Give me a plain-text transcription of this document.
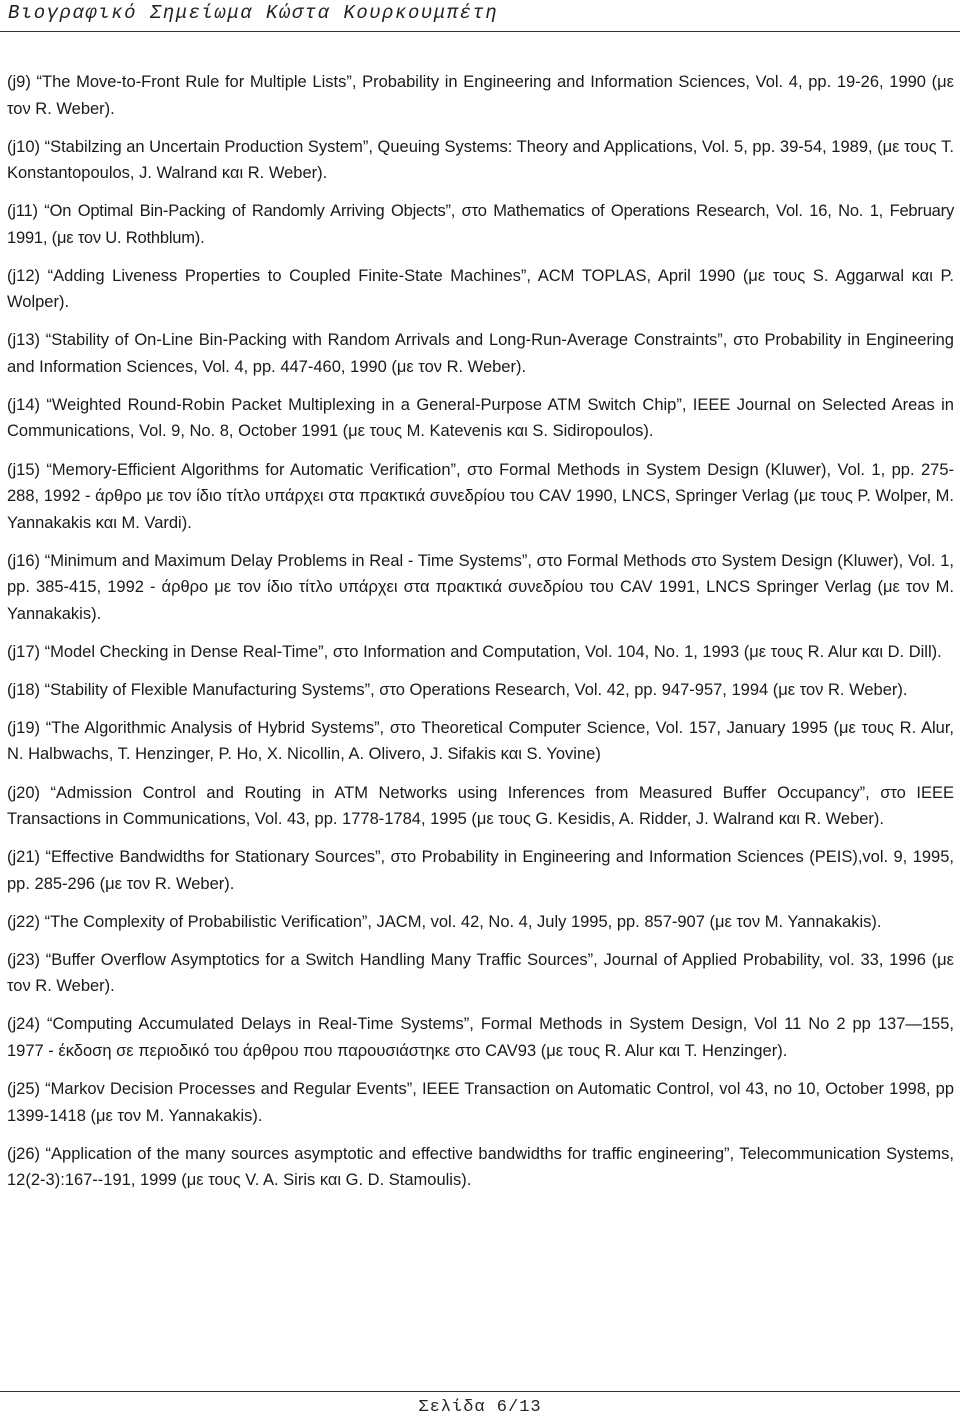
Βιογραφικό Σημείωμα Κώστα Κουρκουμπέτη

(j9) “The Move-to-Front Rule for Multiple Lists”, Probability in Engineering and Information Sciences, Vol. 4, pp. 19-26, 1990 (με τον R. Weber).

(j10) “Stabilzing an Uncertain Production System”, Queuing Systems: Theory and Applications, Vol. 5, pp. 39-54, 1989, (με τους T. Konstantopoulos, J. Walrand και R. Weber).

(j11) “On Optimal Bin-Packing of Randomly Arriving Objects”, στο Mathematics of Operations Research, Vol. 16, No. 1, February 1991, (με τον U. Rothblum).

(j12) “Adding Liveness Properties to Coupled Finite-State Machines”, ACM TOPLAS, April 1990 (με τους S. Aggarwal και P. Wolper).

(j13) “Stability of On-Line Bin-Packing with Random Arrivals and Long-Run-Average Constraints”, στο Probability in Engineering and Information Sciences, Vol. 4, pp. 447-460, 1990 (με τον R. Weber).

(j14) “Weighted Round-Robin Packet Multiplexing in a General-Purpose ATM Switch Chip”, IEEE Journal on Selected Areas in Communications, Vol. 9, No. 8, October 1991 (με τους M. Katevenis και S. Sidiropoulos).

(j15) “Memory-Efficient Algorithms for Automatic Verification”, στο Formal Methods in System Design (Kluwer), Vol. 1, pp. 275-288, 1992 - άρθρο με τον ίδιο τίτλο υπάρχει στα πρακτικά συνεδρίου του CAV 1990, LNCS, Springer Verlag (με τους P. Wolper, M. Yannakakis και M. Vardi).

(j16) “Minimum and Maximum Delay Problems in Real - Time Systems”, στο Formal Methods στο System Design (Kluwer), Vol. 1, pp. 385-415, 1992 - άρθρο με τον ίδιο τίτλο υπάρχει στα πρακτικά συνεδρίου του CAV 1991, LNCS Springer Verlag (με τον M. Yannakakis).

(j17) “Model Checking in Dense Real-Time”, στο Information and Computation, Vol. 104, No. 1, 1993 (με τους R. Alur και D. Dill).

(j18) “Stability of Flexible Manufacturing Systems”, στο Operations Research, Vol. 42, pp. 947-957, 1994 (με τον R. Weber).

(j19) “The Algorithmic Analysis of Hybrid Systems”, στο Theoretical Computer Science, Vol. 157, January 1995 (με τους R. Alur, N. Halbwachs, T. Henzinger, P. Ho, X. Nicollin, A. Olivero, J. Sifakis και S. Yovine)

(j20) “Admission Control and Routing in ATM Networks using Inferences from Measured Buffer Occupancy”, στο IEEE Transactions in Communications, Vol. 43, pp. 1778-1784, 1995 (με τους G. Kesidis, A. Ridder, J. Walrand και R. Weber).

(j21) “Effective Bandwidths for Stationary Sources”, στο Probability in Engineering and Information Sciences (PEIS),vol. 9, 1995, pp. 285-296 (με τον R. Weber).

(j22) “The Complexity of Probabilistic Verification”, JACM, vol. 42, No. 4, July 1995, pp. 857-907 (με τον M. Yannakakis).

(j23) “Buffer Overflow Asymptotics for a Switch Handling Many Traffic Sources”, Journal of Applied Probability, vol. 33, 1996 (με τον R. Weber).

(j24) “Computing Accumulated Delays in Real-Time Systems”, Formal Methods in System Design, Vol 11 No 2 pp 137—155, 1977 - έκδοση σε περιοδικό του άρθρου που παρουσιάστηκε στο CAV93 (με τους R. Alur και T. Henzinger).

(j25) “Markov Decision Processes and Regular Events”, IEEE Transaction on Automatic Control, vol 43, no 10, October 1998, pp 1399-1418 (με τον M. Yannakakis).

(j26) “Application of the many sources asymptotic and effective bandwidths for traffic engineering”, Telecommunication Systems, 12(2-3):167--191, 1999 (με τους V. A. Siris και G. D. Stamoulis).

Σελίδα 6/13
